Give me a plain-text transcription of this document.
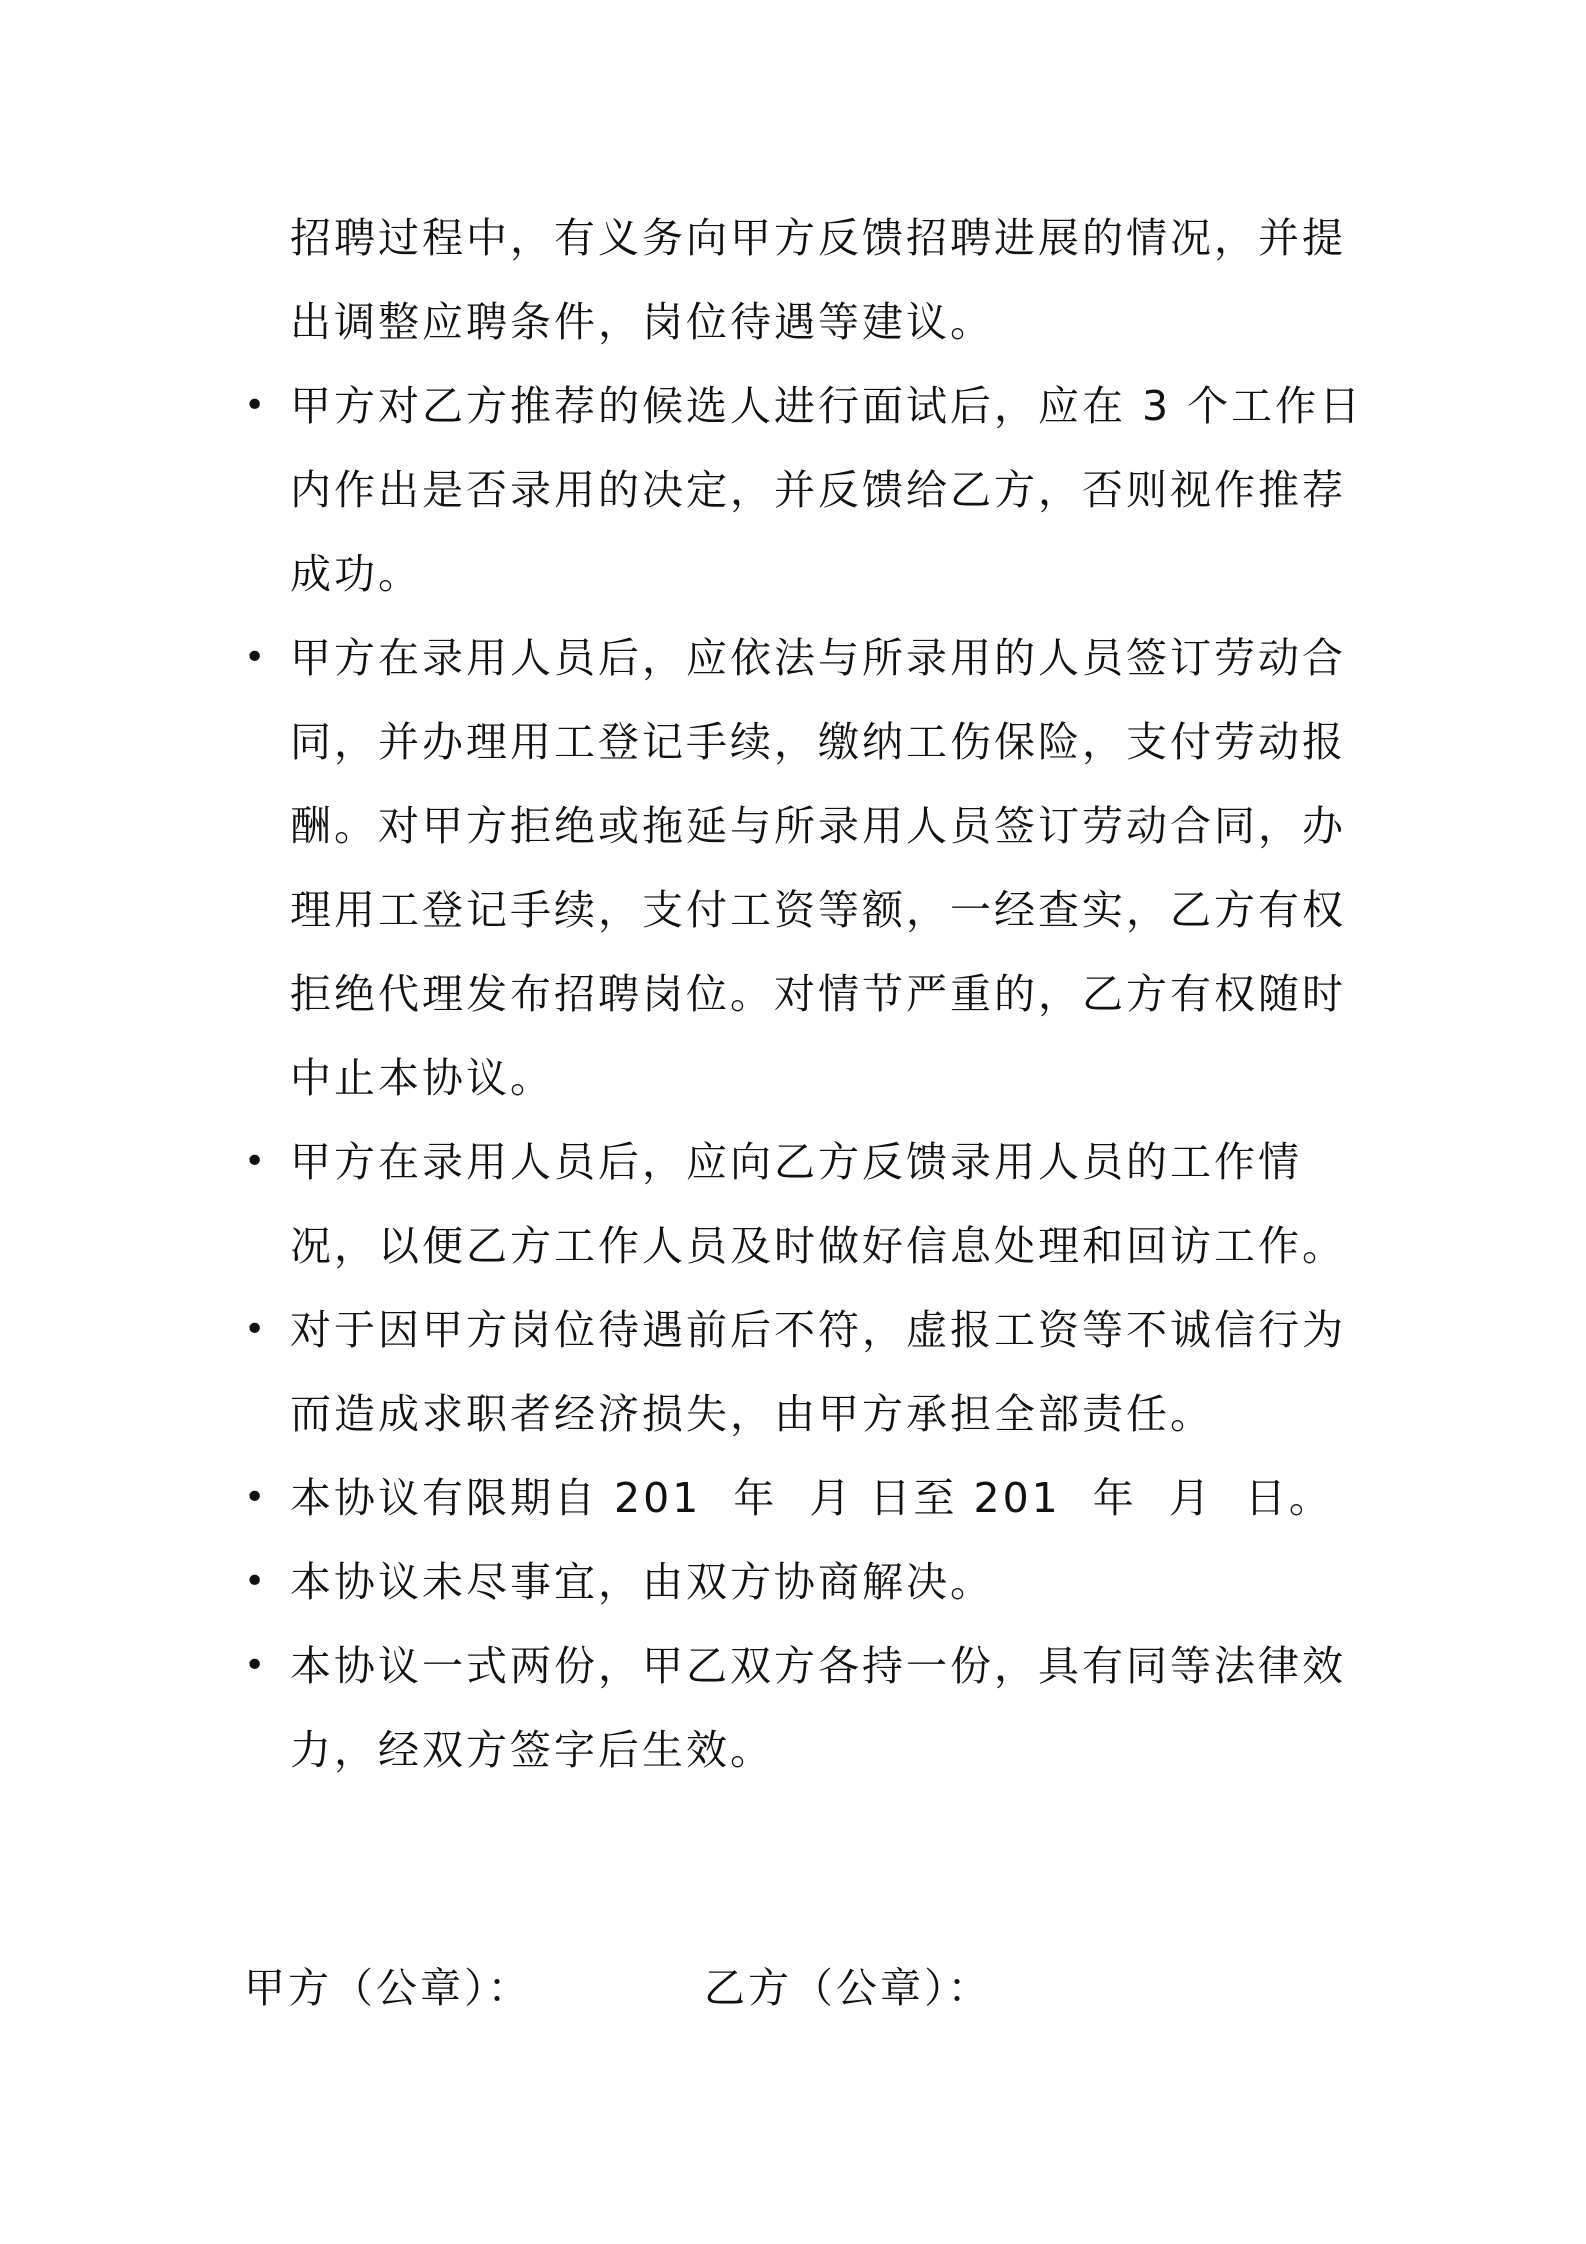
招聘过程中，有义务向甲方反馈招聘进展的情况，并提出调整应聘条件，岗位待遇等建议。

• 甲方对乙方推荐的候选人进行面试后，应在 3 个工作日内作出是否录用的决定，并反馈给乙方，否则视作推荐成功。

• 甲方在录用人员后，应依法与所录用的人员签订劳动合同，并办理用工登记手续，缴纳工伤保险，支付劳动报酬。对甲方拒绝或拖延与所录用人员签订劳动合同，办理用工登记手续，支付工资等额，一经查实，乙方有权拒绝代理发布招聘岗位。对情节严重的，乙方有权随时中止本协议。

• 甲方在录用人员后，应向乙方反馈录用人员的工作情况，以便乙方工作人员及时做好信息处理和回访工作。

• 对于因甲方岗位待遇前后不符，虚报工资等不诚信行为而造成求职者经济损失，由甲方承担全部责任。

• 本协议有限期自 201  年  月 日至 201  年  月  日。

• 本协议未尽事宜，由双方协商解决。

• 本协议一式两份，甲乙双方各持一份，具有同等法律效力，经双方签字后生效。

甲方（公章）：	乙方（公章）：
